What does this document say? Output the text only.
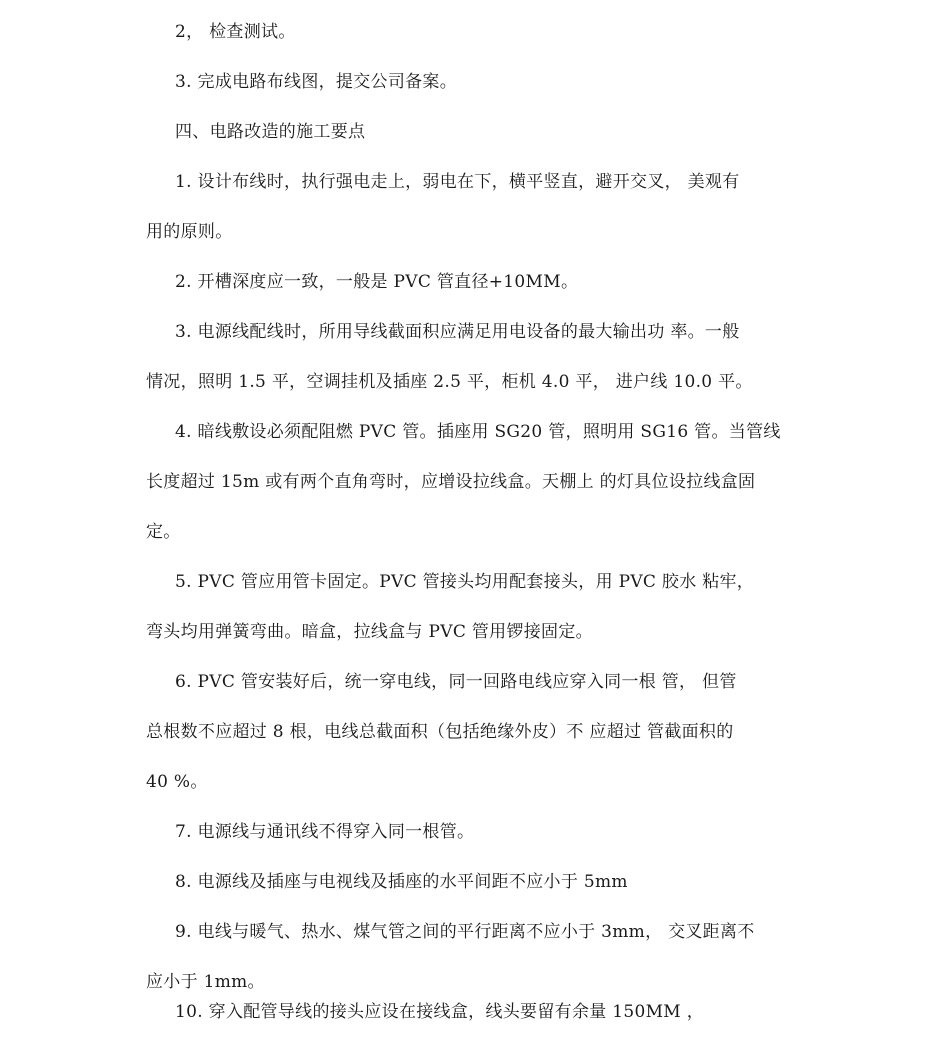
2， 检查测试。
3. 完成电路布线图，提交公司备案。
四、电路改造的施工要点
1. 设计布线时，执行强电走上，弱电在下，横平竖直，避开交叉， 美观有
用的原则。
2. 开槽深度应一致，一般是 PVC 管直径+10MM。
3. 电源线配线时，所用导线截面积应满足用电设备的最大输出功 率。一般
情况，照明 1.5 平，空调挂机及插座 2.5 平，柜机 4.0 平， 进户线 10.0 平。
4. 暗线敷设必须配阻燃 PVC 管。插座用 SG20 管，照明用 SG16 管。当管线
长度超过 15m 或有两个直角弯时，应增设拉线盒。天棚上 的灯具位设拉线盒固
定。
5. PVC 管应用管卡固定。PVC 管接头均用配套接头，用 PVC 胶水 粘牢，
弯头均用弹簧弯曲。暗盒，拉线盒与 PVC 管用锣接固定。
6. PVC 管安装好后，统一穿电线，同一回路电线应穿入同一根 管， 但管
总根数不应超过 8 根，电线总截面积（包括绝缘外皮）不 应超过 管截面积的
40 %。
7. 电源线与通讯线不得穿入同一根管。
8. 电源线及插座与电视线及插座的水平间距不应小于 5mm
9. 电线与暖气、热水、煤气管之间的平行距离不应小于 3mm， 交叉距离不
应小于 1mm。
10. 穿入配管导线的接头应设在接线盒，线头要留有余量 150MM ，
